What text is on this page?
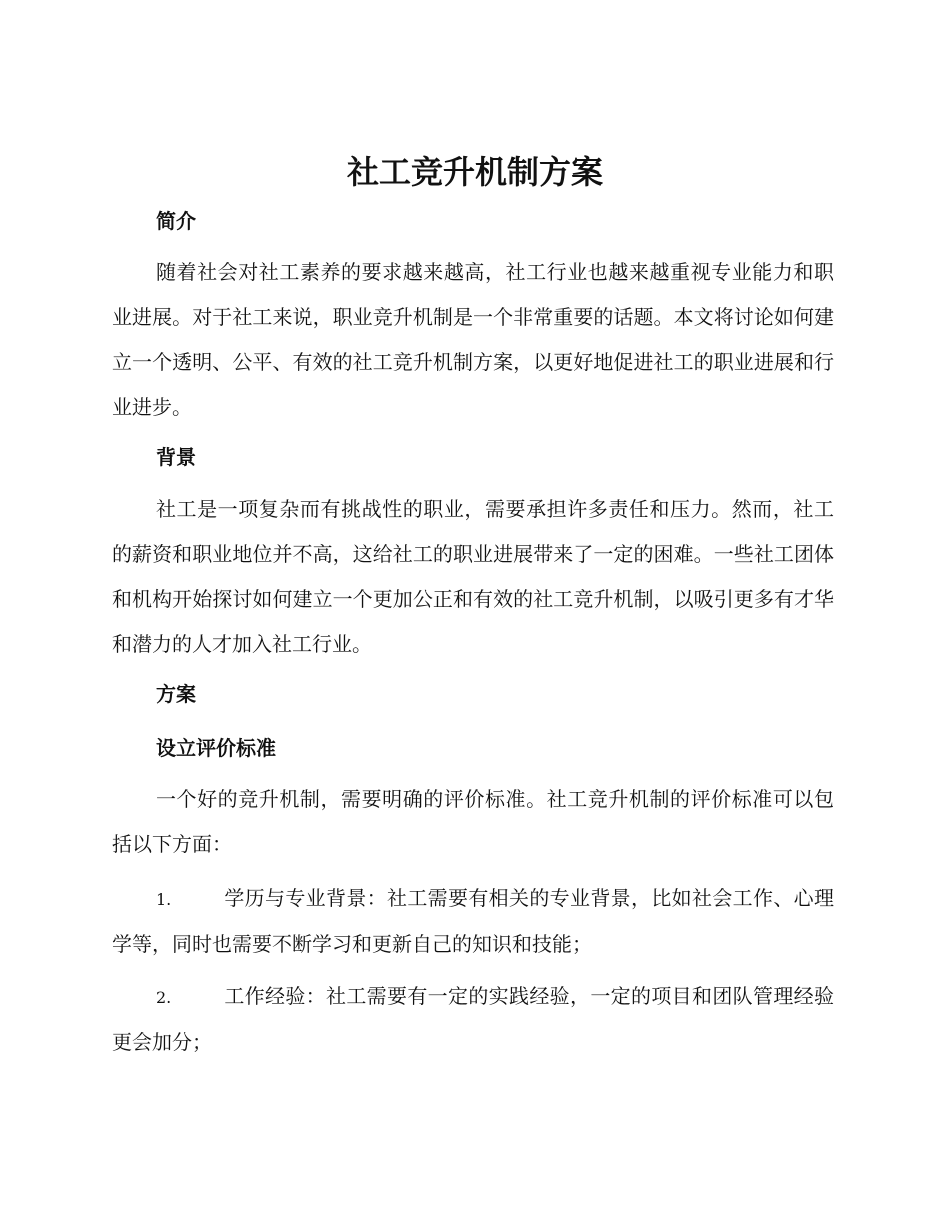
社工竞升机制方案
简介

随着社会对社工素养的要求越来越高，社工行业也越来越重视专业能力和职业进展。对于社工来说，职业竞升机制是一个非常重要的话题。本文将讨论如何建立一个透明、公平、有效的社工竞升机制方案，以更好地促进社工的职业进展和行业进步。

背景

社工是一项复杂而有挑战性的职业，需要承担许多责任和压力。然而，社工的薪资和职业地位并不高，这给社工的职业进展带来了一定的困难。一些社工团体和机构开始探讨如何建立一个更加公正和有效的社工竞升机制，以吸引更多有才华和潜力的人才加入社工行业。

方案
设立评价标准

一个好的竞升机制，需要明确的评价标准。社工竞升机制的评价标准可以包括以下方面：

1.	学历与专业背景：社工需要有相关的专业背景，比如社会工作、心理学等，同时也需要不断学习和更新自己的知识和技能；

2.	工作经验：社工需要有一定的实践经验，一定的项目和团队管理经验更会加分；
